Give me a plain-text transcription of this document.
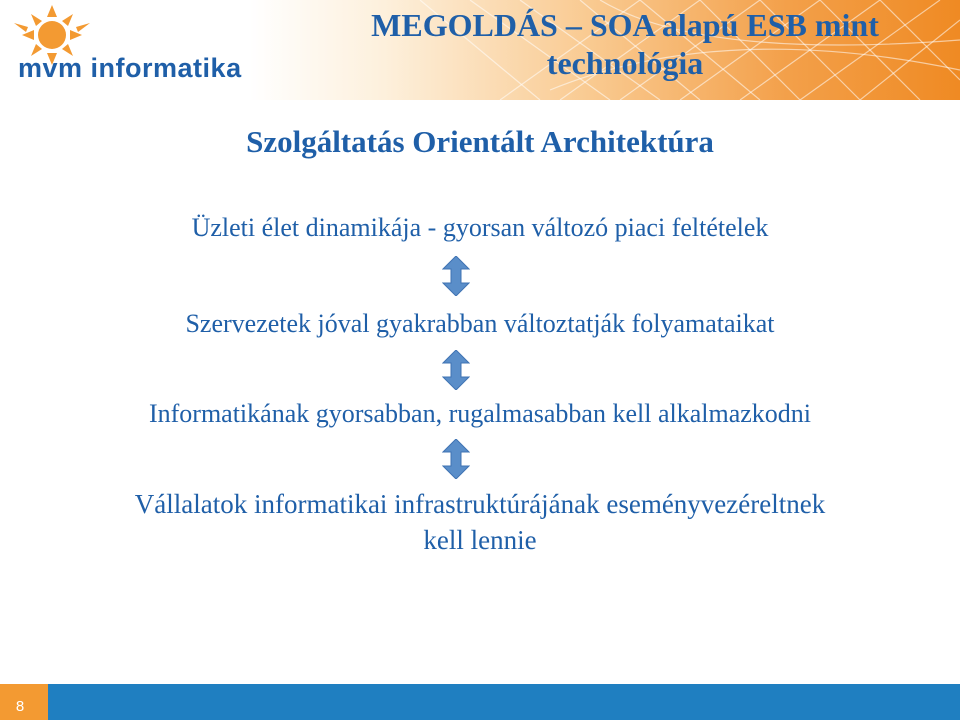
mvm informatika
MEGOLDÁS – SOA alapú ESB mint
technológia
Szolgáltatás Orientált Architektúra
Üzleti élet dinamikája - gyorsan változó piaci feltételek
Szervezetek jóval gyakrabban változtatják folyamataikat
Informatikának gyorsabban, rugalmasabban kell alkalmazkodni
Vállalatok informatikai infrastruktúrájának eseményvezéreltnek
kell lennie
8
